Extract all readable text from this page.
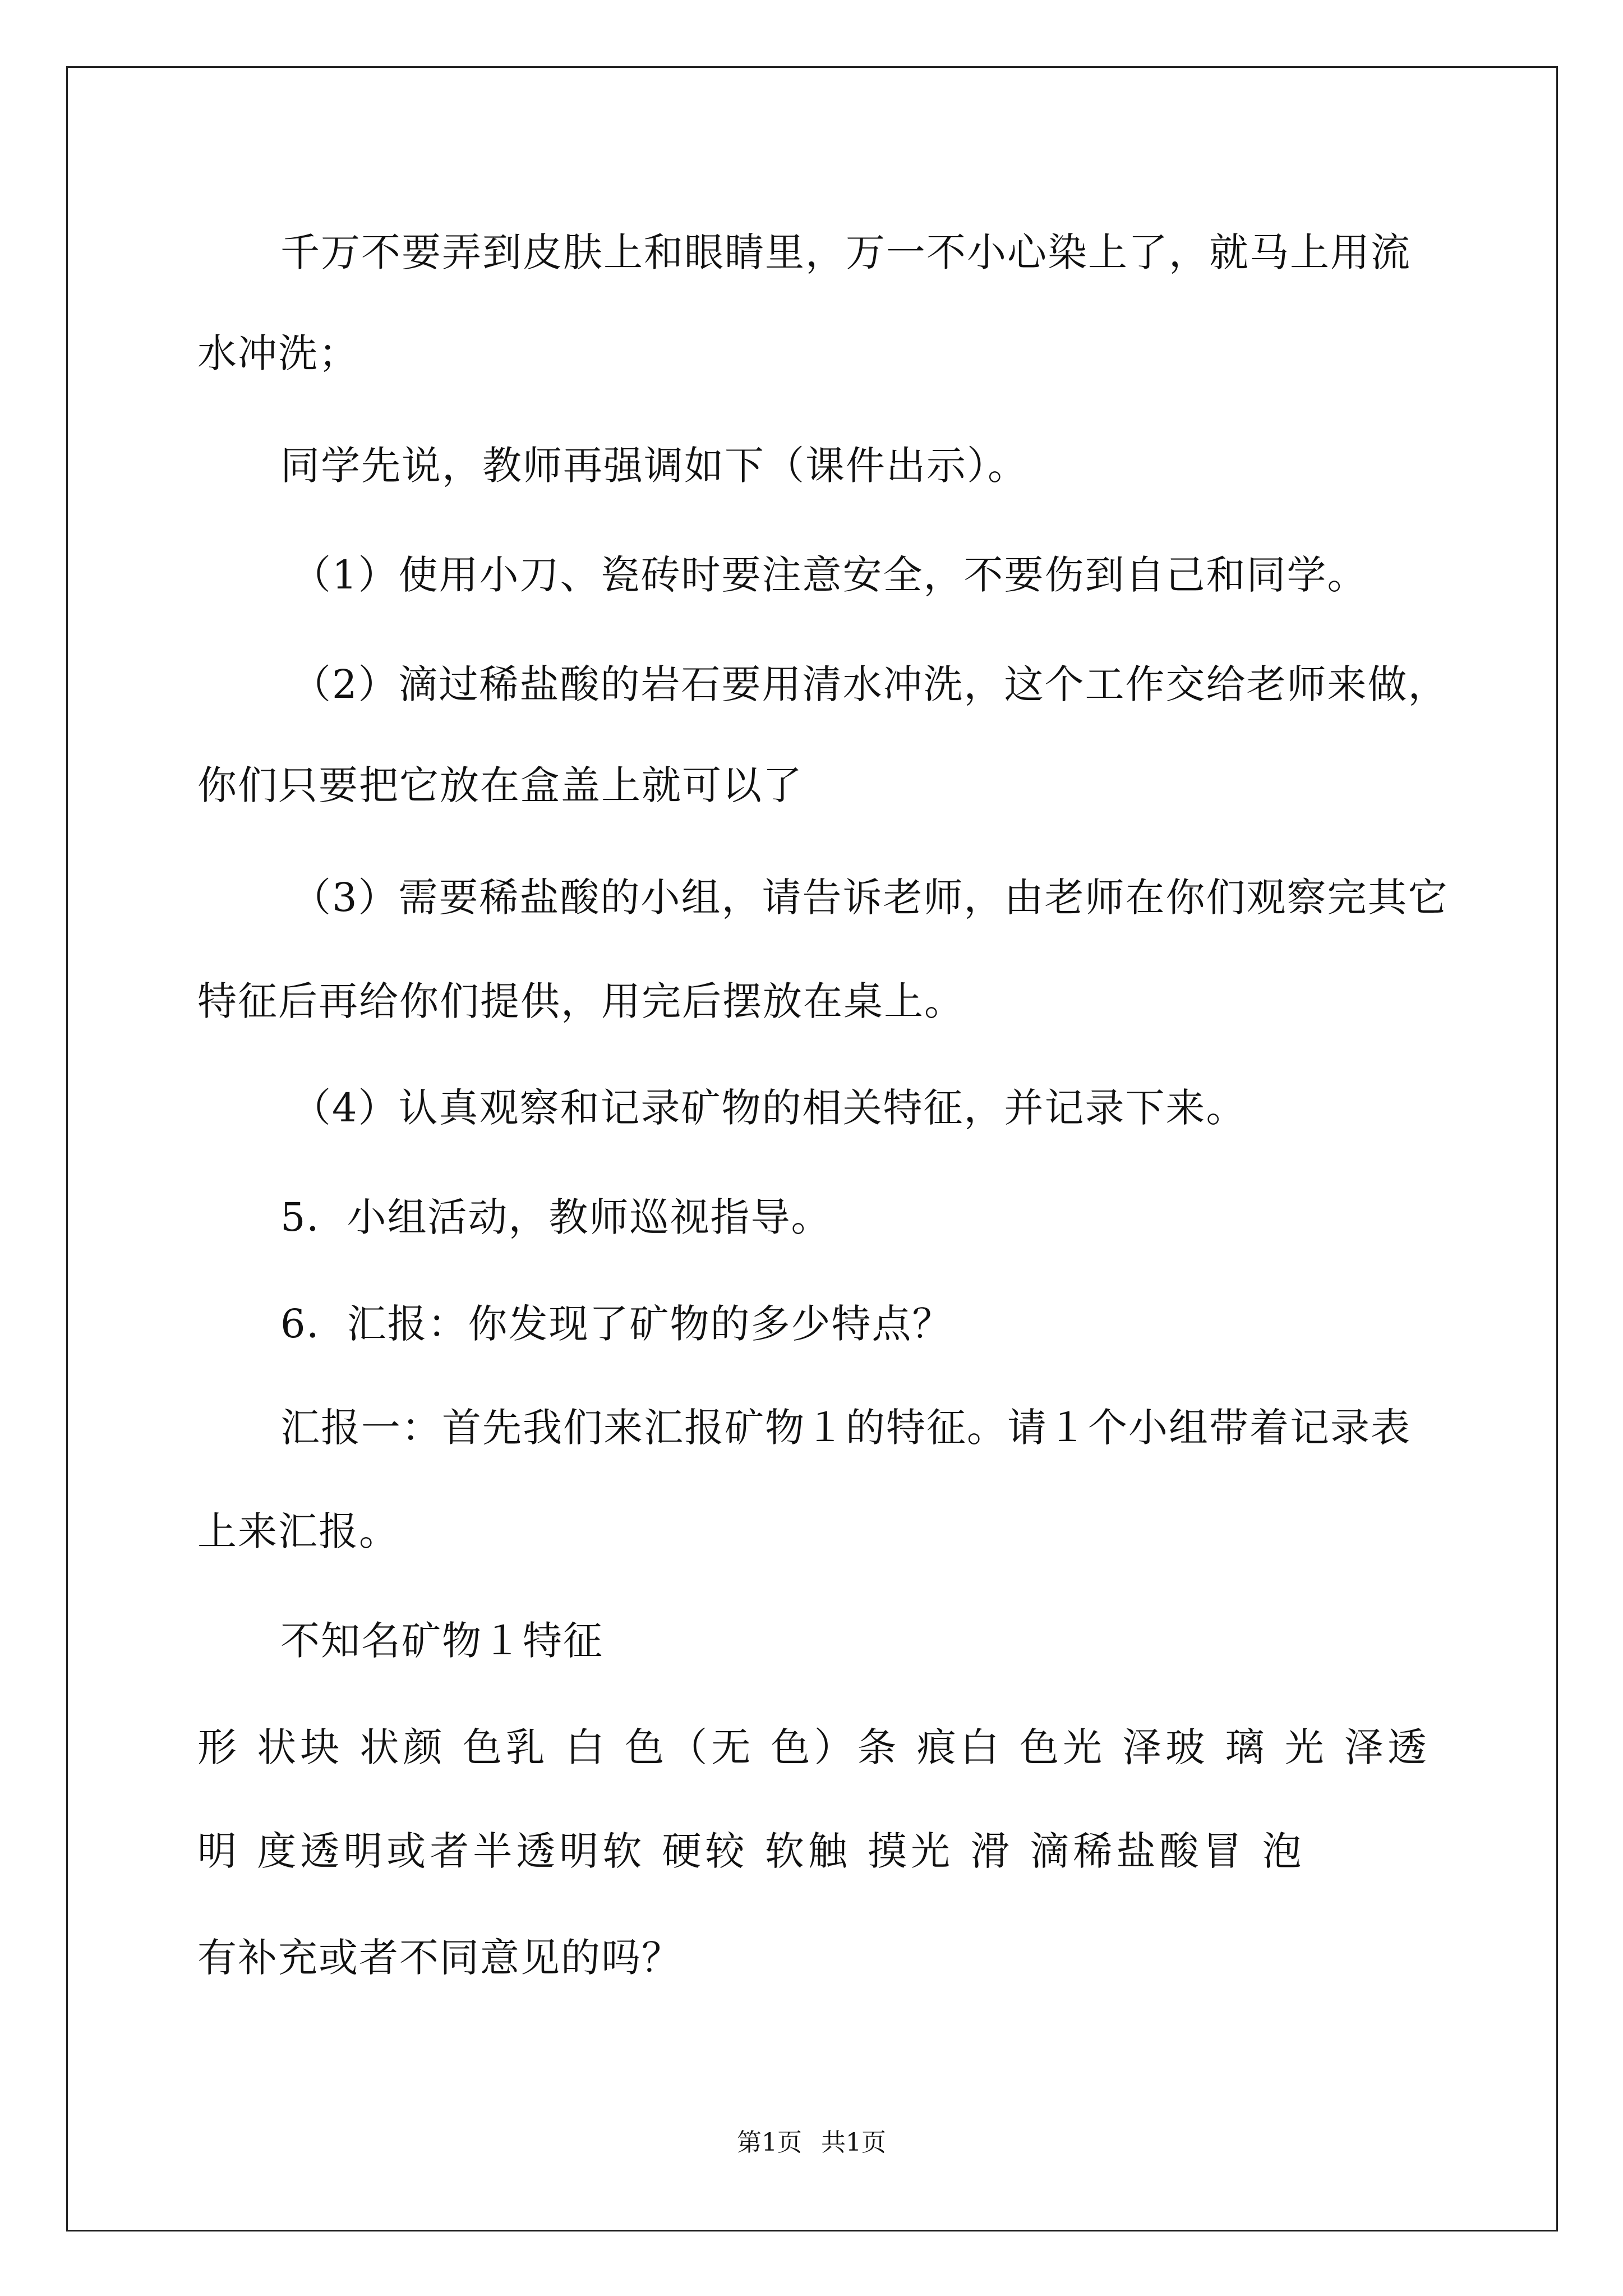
千万不要弄到皮肤上和眼睛里，万一不小心染上了，就马上用流
水冲洗；
同学先说，教师再强调如下（课件出示）。
（1）使用小刀、瓷砖时要注意安全，不要伤到自己和同学。
（2）滴过稀盐酸的岩石要用清水冲洗，这个工作交给老师来做，
你们只要把它放在盒盖上就可以了
（3）需要稀盐酸的小组，请告诉老师，由老师在你们观察完其它
特征后再给你们提供，用完后摆放在桌上。
（4）认真观察和记录矿物的相关特征，并记录下来。
5．小组活动，教师巡视指导。
6．汇报：你发现了矿物的多少特点？
汇报一：首先我们来汇报矿物１的特征。请１个小组带着记录表
上来汇报。
不知名矿物１特征
形 状块 状颜 色乳 白 色（无 色）条 痕白 色光 泽玻 璃 光 泽透
明 度透明或者半透明软 硬较 软触 摸光 滑 滴稀盐酸冒 泡
有补充或者不同意见的吗？
第1页 共1页
